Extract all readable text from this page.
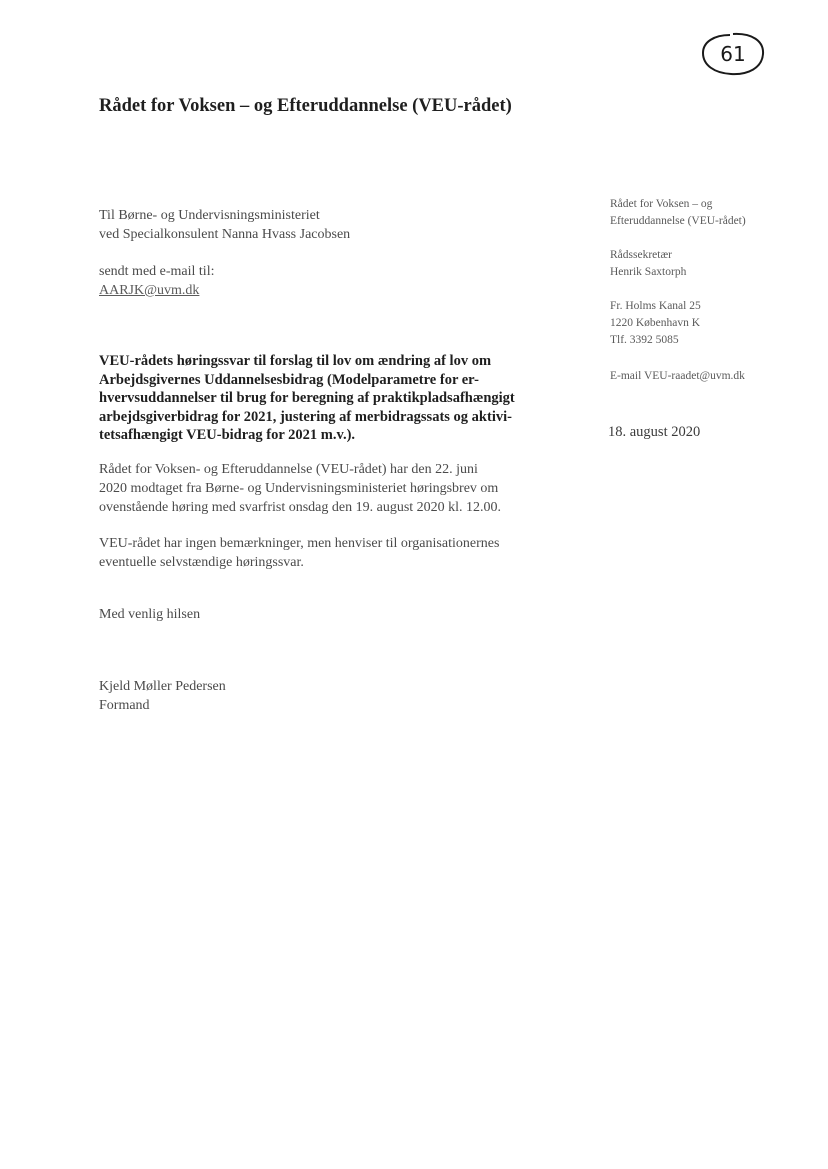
61
Rådet for Voksen – og Efteruddannelse (VEU-rådet)
Til Børne- og Undervisningsministeriet
ved Specialkonsulent Nanna Hvass Jacobsen
sendt med e-mail til:
AARJK@uvm.dk
Rådet for Voksen – og
Efteruddannelse (VEU-rådet)
Rådssekretær
Henrik Saxtorph
Fr. Holms Kanal 25
1220 København K
Tlf. 3392 5085
E-mail VEU-raadet@uvm.dk
18. august 2020
VEU-rådets høringssvar til forslag til lov om ændring af lov om
Arbejdsgivernes Uddannelsesbidrag (Modelparametre for er-
hvervsuddannelser til brug for beregning af praktikpladsafhængigt
arbejdsgiverbidrag for 2021, justering af merbidragssats og aktivi-
tetsafhængigt VEU-bidrag for 2021 m.v.).
Rådet for Voksen- og Efteruddannelse (VEU-rådet) har den 22. juni
2020 modtaget fra Børne- og Undervisningsministeriet høringsbrev om
ovenstående høring med svarfrist onsdag den 19. august 2020 kl. 12.00.
VEU-rådet har ingen bemærkninger, men henviser til organisationernes
eventuelle selvstændige høringssvar.
Med venlig hilsen
Kjeld Møller Pedersen
Formand
